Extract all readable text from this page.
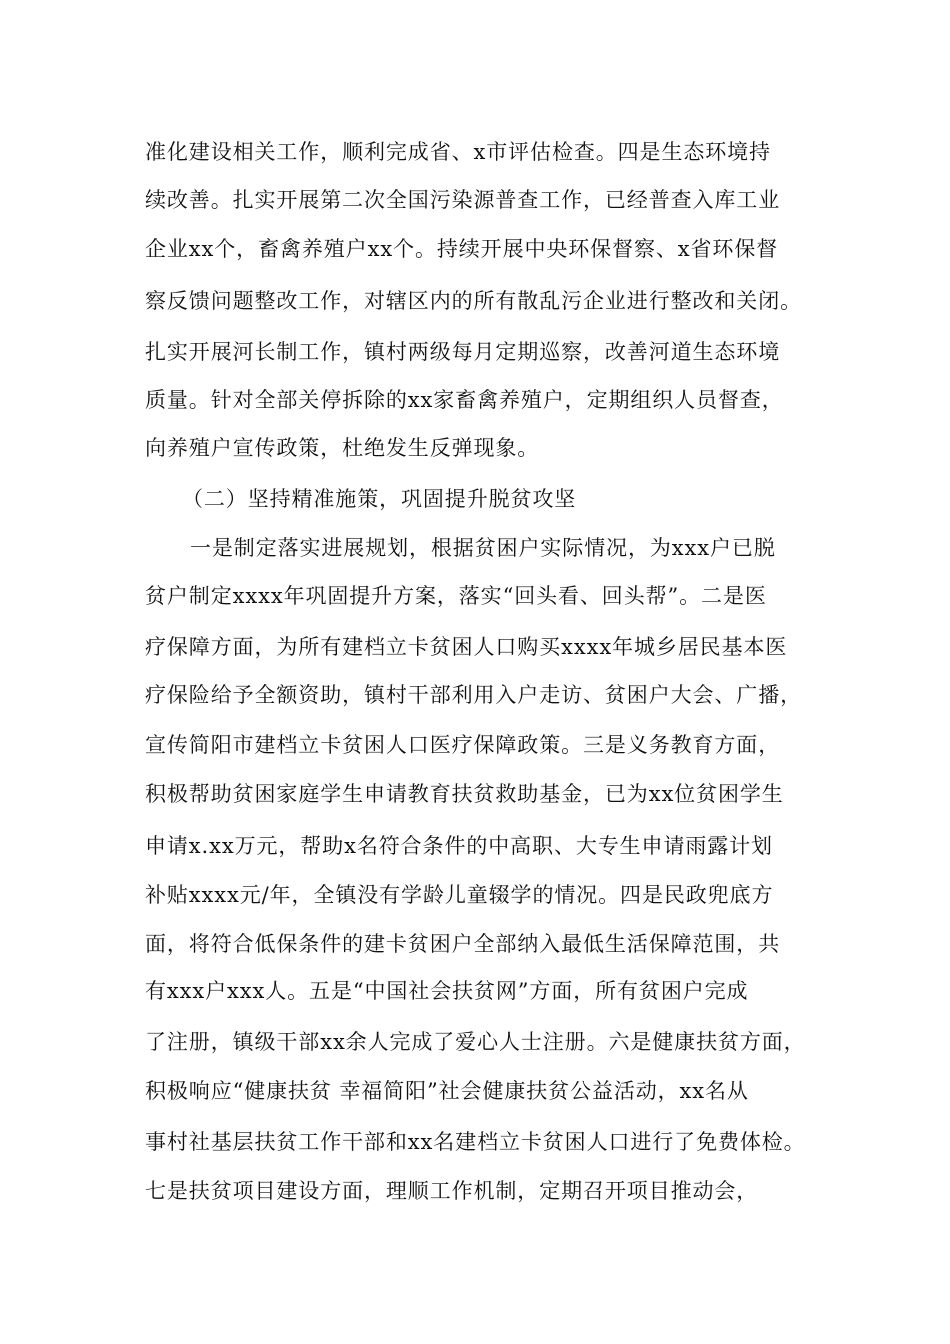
准化建设相关工作，顺利完成省、x市评估检查。四是生态环境持
续改善。扎实开展第二次全国污染源普查工作，已经普查入库工业
企业xx个，畜禽养殖户xx个。持续开展中央环保督察、x省环保督
察反馈问题整改工作，对辖区内的所有散乱污企业进行整改和关闭。
扎实开展河长制工作，镇村两级每月定期巡察，改善河道生态环境
质量。针对全部关停拆除的xx家畜禽养殖户，定期组织人员督查，
向养殖户宣传政策，杜绝发生反弹现象。
（二）坚持精准施策，巩固提升脱贫攻坚
一是制定落实进展规划，根据贫困户实际情况，为xxx户已脱
贫户制定xxxx年巩固提升方案，落实“回头看、回头帮”。二是医
疗保障方面，为所有建档立卡贫困人口购买xxxx年城乡居民基本医
疗保险给予全额资助，镇村干部利用入户走访、贫困户大会、广播，
宣传简阳市建档立卡贫困人口医疗保障政策。三是义务教育方面，
积极帮助贫困家庭学生申请教育扶贫救助基金，已为xx位贫困学生
申请x.xx万元，帮助x名符合条件的中高职、大专生申请雨露计划
补贴xxxx元/年，全镇没有学龄儿童辍学的情况。四是民政兜底方
面，将符合低保条件的建卡贫困户全部纳入最低生活保障范围，共
有xxx户xxx人。五是“中国社会扶贫网”方面，所有贫困户完成
了注册，镇级干部xx余人完成了爱心人士注册。六是健康扶贫方面，
积极响应“健康扶贫 幸福简阳”社会健康扶贫公益活动，xx名从
事村社基层扶贫工作干部和xx名建档立卡贫困人口进行了免费体检。
七是扶贫项目建设方面，理顺工作机制，定期召开项目推动会，
